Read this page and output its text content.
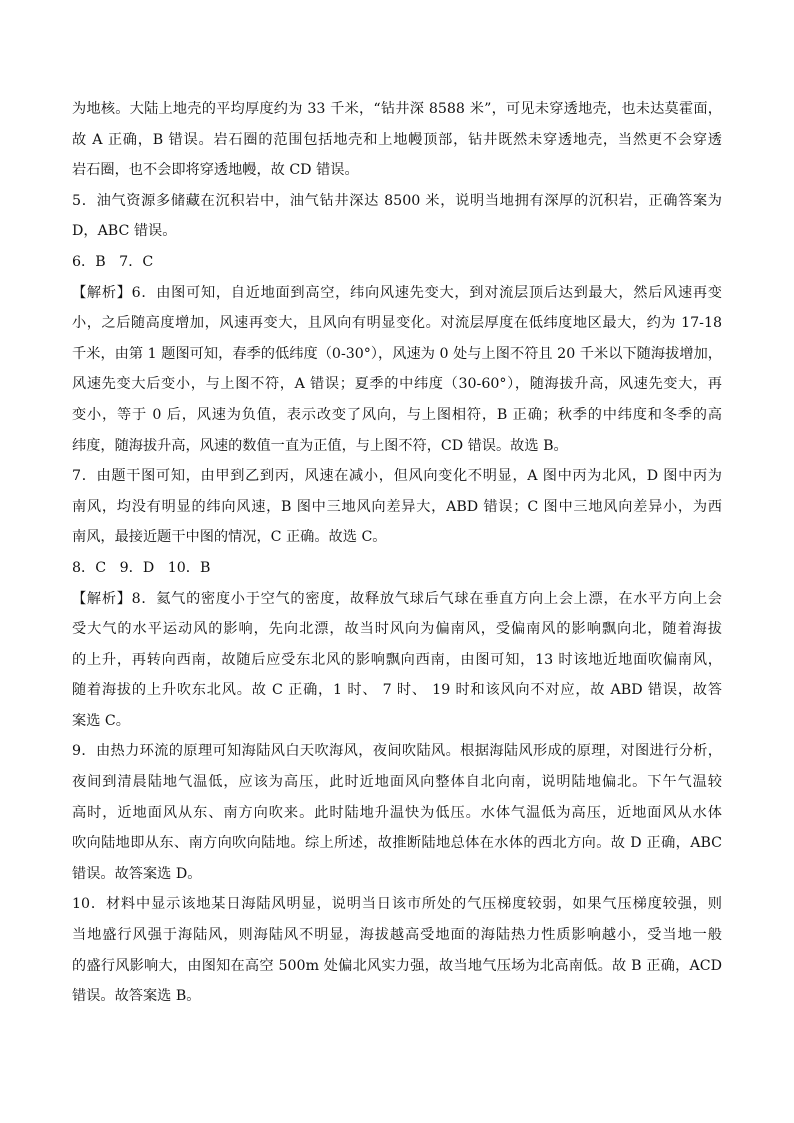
为地核。大陆上地壳的平均厚度约为 33 千米，“钻井深 8588 米”，可见未穿透地壳，也未达莫霍面，
故 A 正确，B 错误。岩石圈的范围包括地壳和上地幔顶部，钻井既然未穿透地壳，当然更不会穿透
岩石圈，也不会即将穿透地幔，故 CD 错误。
5．油气资源多储藏在沉积岩中，油气钻井深达 8500 米，说明当地拥有深厚的沉积岩，正确答案为
D，ABC 错误。
6．B   7．C
【解析】6．由图可知，自近地面到高空，纬向风速先变大，到对流层顶后达到最大，然后风速再变
小，之后随高度增加，风速再变大，且风向有明显变化。对流层厚度在低纬度地区最大，约为 17-18
千米，由第 1 题图可知，春季的低纬度（0-30°），风速为 0 处与上图不符且 20 千米以下随海拔增加，
风速先变大后变小，与上图不符，A 错误；夏季的中纬度（30-60°），随海拔升高，风速先变大，再
变小，等于 0 后，风速为负值，表示改变了风向，与上图相符，B 正确；秋季的中纬度和冬季的高
纬度，随海拔升高，风速的数值一直为正值，与上图不符，CD 错误。故选 B。
7．由题干图可知，由甲到乙到丙，风速在减小，但风向变化不明显，A 图中丙为北风，D 图中丙为
南风，均没有明显的纬向风速，B 图中三地风向差异大，ABD 错误；C 图中三地风向差异小，为西
南风，最接近题干中图的情况，C 正确。故选 C。
8．C   9．D   10．B
【解析】8．氦气的密度小于空气的密度，故释放气球后气球在垂直方向上会上漂，在水平方向上会
受大气的水平运动风的影响，先向北漂，故当时风向为偏南风，受偏南风的影响飘向北，随着海拔
的上升，再转向西南，故随后应受东北风的影响飘向西南，由图可知，13 时该地近地面吹偏南风，
随着海拔的上升吹东北风。故 C 正确，1 时、 7 时、 19 时和该风向不对应，故 ABD 错误，故答
案选 C。
9．由热力环流的原理可知海陆风白天吹海风，夜间吹陆风。根据海陆风形成的原理，对图进行分析，
夜间到清晨陆地气温低，应该为高压，此时近地面风向整体自北向南，说明陆地偏北。下午气温较
高时，近地面风从东、南方向吹来。此时陆地升温快为低压。水体气温低为高压，近地面风从水体
吹向陆地即从东、南方向吹向陆地。综上所述，故推断陆地总体在水体的西北方向。故 D 正确，ABC
错误。故答案选 D。
10．材料中显示该地某日海陆风明显，说明当日该市所处的气压梯度较弱，如果气压梯度较强，则
当地盛行风强于海陆风，则海陆风不明显，海拔越高受地面的海陆热力性质影响越小，受当地一般
的盛行风影响大，由图知在高空 500m 处偏北风实力强，故当地气压场为北高南低。故 B 正确，ACD
错误。故答案选 B。
